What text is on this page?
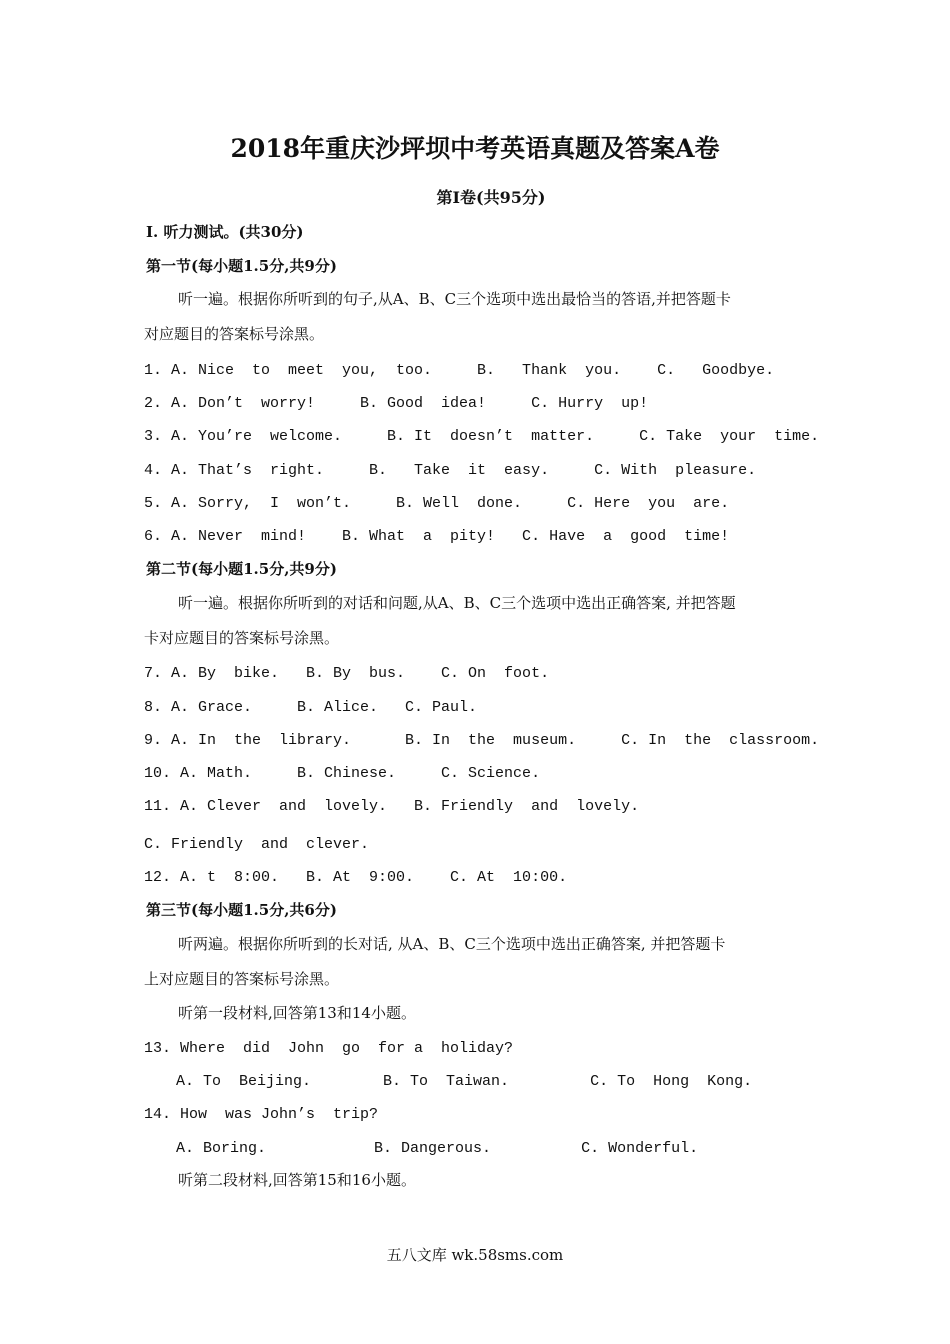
2018年重庆沙坪坝中考英语真题及答案A卷
第Ⅰ卷(共95分)
Ⅰ. 听力测试。(共30分)
第一节(每小题1.5分,共9分)
听一遍。根据你所听到的句子,从A、B、C三个选项中选出最恰当的答语,并把答题卡
对应题目的答案标号涂黑。
1. A. Nice  to  meet  you,  too.     B.   Thank  you.    C.   Goodbye.
2. A. Don’t  worry!     B. Good  idea!     C. Hurry  up!
3. A. You’re  welcome.     B. It  doesn’t  matter.     C. Take  your  time.
4. A. That’s  right.     B.   Take  it  easy.     C. With  pleasure.
5. A. Sorry,  I  won’t.     B. Well  done.     C. Here  you  are.
6. A. Never  mind!    B. What  a  pity!   C. Have  a  good  time!
第二节(每小题1.5分,共9分)
听一遍。根据你所听到的对话和问题,从A、B、C三个选项中选出正确答案, 并把答题
卡对应题目的答案标号涂黑。
7. A. By  bike.   B. By  bus.    C. On  foot.
8. A. Grace.     B. Alice.   C. Paul.
9. A. In  the  library.      B. In  the  museum.     C. In  the  classroom.
10. A. Math.     B. Chinese.     C. Science.
11. A. Clever  and  lovely.   B. Friendly  and  lovely.
C. Friendly  and  clever.
12. A. t  8:00.   B. At  9:00.    C. At  10:00.
第三节(每小题1.5分,共6分)
听两遍。根据你所听到的长对话, 从A、B、C三个选项中选出正确答案, 并把答题卡
上对应题目的答案标号涂黑。
听第一段材料,回答第13和14小题。
13. Where  did  John  go  for a  holiday?
A. To  Beijing.        B. To  Taiwan.         C. To  Hong  Kong.
14. How  was John’s  trip?
A. Boring.            B. Dangerous.          C. Wonderful.
听第二段材料,回答第15和16小题。
五八文库 wk.58sms.com
